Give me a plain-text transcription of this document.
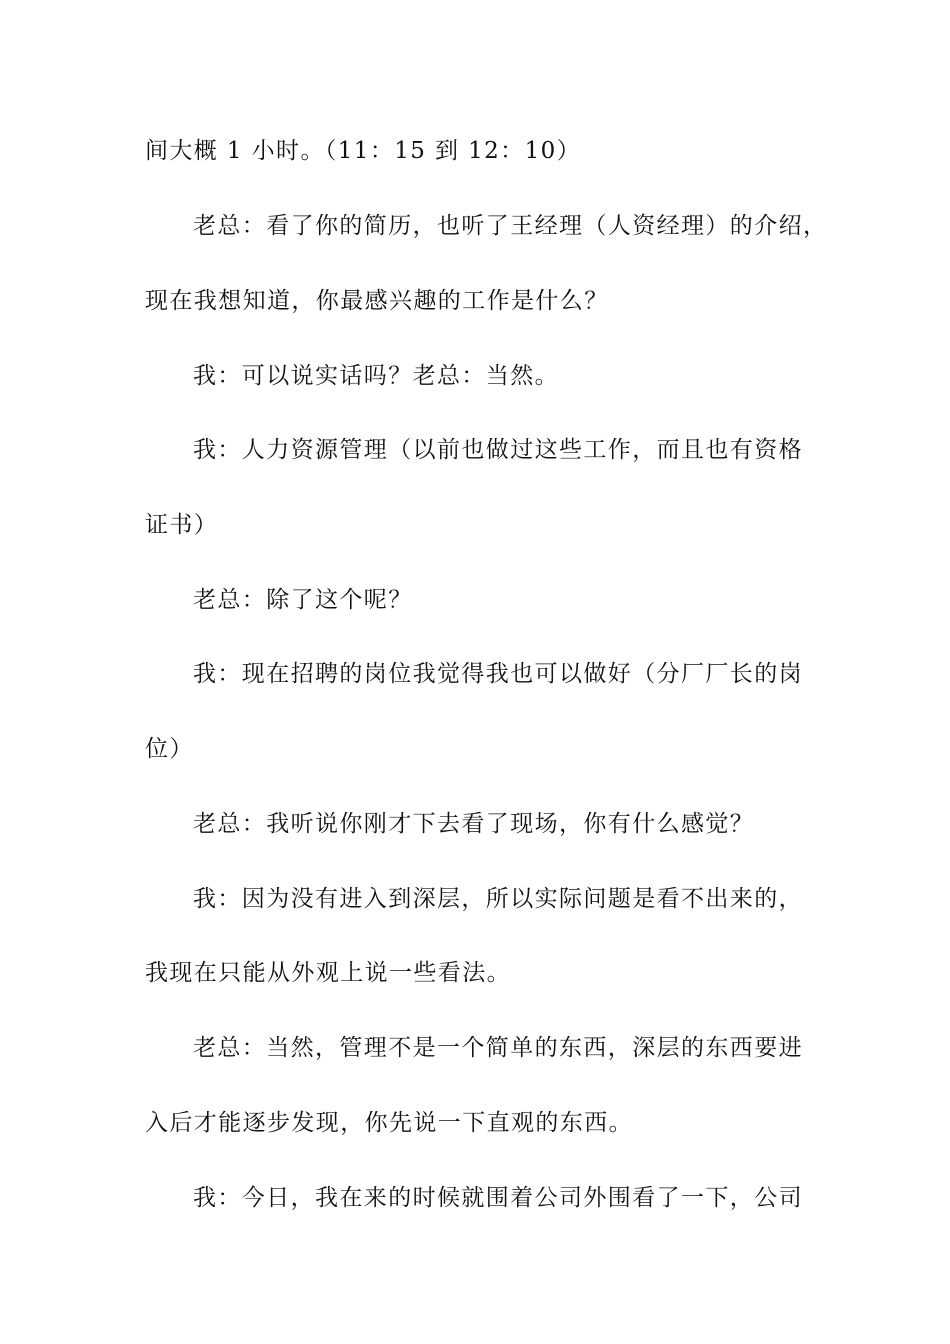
间大概 1 小时。（11：15 到 12：10）
老总：看了你的简历，也听了王经理（人资经理）的介绍，
现在我想知道，你最感兴趣的工作是什么？
我：可以说实话吗？老总：当然。
我：人力资源管理（以前也做过这些工作，而且也有资格
证书）
老总：除了这个呢？
我：现在招聘的岗位我觉得我也可以做好（分厂厂长的岗
位）
老总：我听说你刚才下去看了现场，你有什么感觉？
我：因为没有进入到深层，所以实际问题是看不出来的，
我现在只能从外观上说一些看法。
老总：当然，管理不是一个简单的东西，深层的东西要进
入后才能逐步发现，你先说一下直观的东西。
我：今日，我在来的时候就围着公司外围看了一下，公司
